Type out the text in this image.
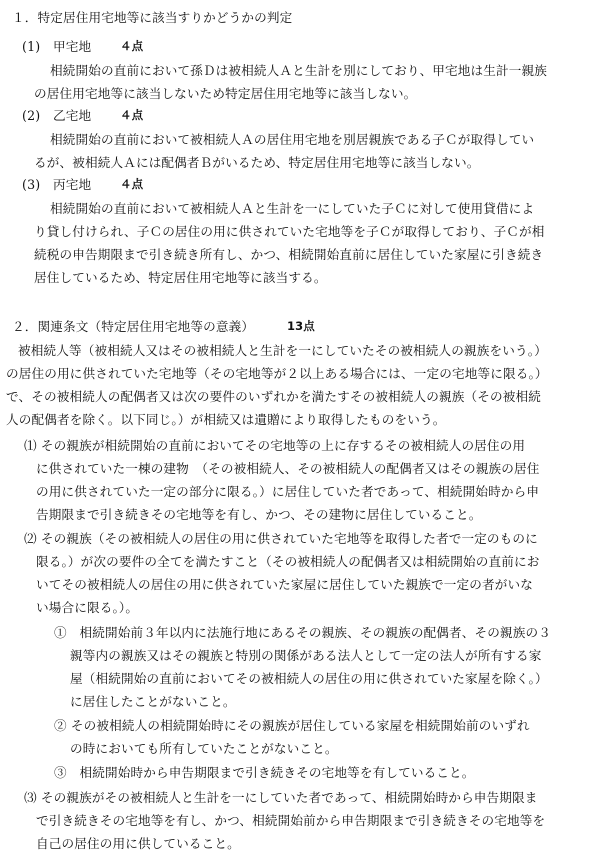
１．特定居住用宅地等に該当すりかどうかの判定
(1)　甲宅地 ４点
相続開始の直前において孫Ｄは被相続人Ａと生計を別にしており、甲宅地は生計一親族
の居住用宅地等に該当しないため特定居住用宅地等に該当しない。
(2)　乙宅地 ４点
相続開始の直前において被相続人Ａの居住用宅地を別居親族である子Ｃが取得してい
るが、被相続人Ａには配偶者Ｂがいるため、特定居住用宅地等に該当しない。
(3)　丙宅地 ４点
相続開始の直前において被相続人Ａと生計を一にしていた子Ｃに対して使用貸借によ
り貸し付けられ、子Ｃの居住の用に供されていた宅地等を子Ｃが取得しており、子Ｃが相
続税の申告期限まで引き続き所有し、かつ、相続開始直前に居住していた家屋に引き続き
居住しているため、特定居住用宅地等に該当する。
２．関連条文（特定居住用宅地等の意義）	13点
被相続人等（被相続人又はその被相続人と生計を一にしていたその被相続人の親族をいう。）
の居住の用に供されていた宅地等（その宅地等が２以上ある場合には、一定の宅地等に限る。）
で、その被相続人の配偶者又は次の要件のいずれかを満たすその被相続人の親族（その被相続
人の配偶者を除く。以下同じ。）が相続又は遺贈により取得したものをいう。
⑴ その親族が相続開始の直前においてその宅地等の上に存するその被相続人の居住の用
に供されていた一棟の建物　（その被相続人、その被相続人の配偶者又はその親族の居住
の用に供されていた一定の部分に限る。）に居住していた者であって、相続開始時から申
告期限まで引き続きその宅地等を有し、かつ、その建物に居住していること。
⑵ その親族（その被相続人の居住の用に供されていた宅地等を取得した者で一定のものに
限る。）が次の要件の全てを満たすこと（その被相続人の配偶者又は相続開始の直前にお
いてその被相続人の居住の用に供されていた家屋に居住していた親族で一定の者がいな
い場合に限る。）。
①　相続開始前３年以内に法施行地にあるその親族、その親族の配偶者、その親族の３
親等内の親族又はその親族と特別の関係がある法人として一定の法人が所有する家
屋（相続開始の直前においてその被相続人の居住の用に供されていた家屋を除く。）
に居住したことがないこと。
② その被相続人の相続開始時にその親族が居住している家屋を相続開始前のいずれ
の時においても所有していたことがないこと。
③　相続開始時から申告期限まで引き続きその宅地等を有していること。
⑶ その親族がその被相続人と生計を一にしていた者であって、相続開始時から申告期限ま
で引き続きその宅地等を有し、かつ、相続開始前から申告期限まで引き続きその宅地等を
自己の居住の用に供していること。
